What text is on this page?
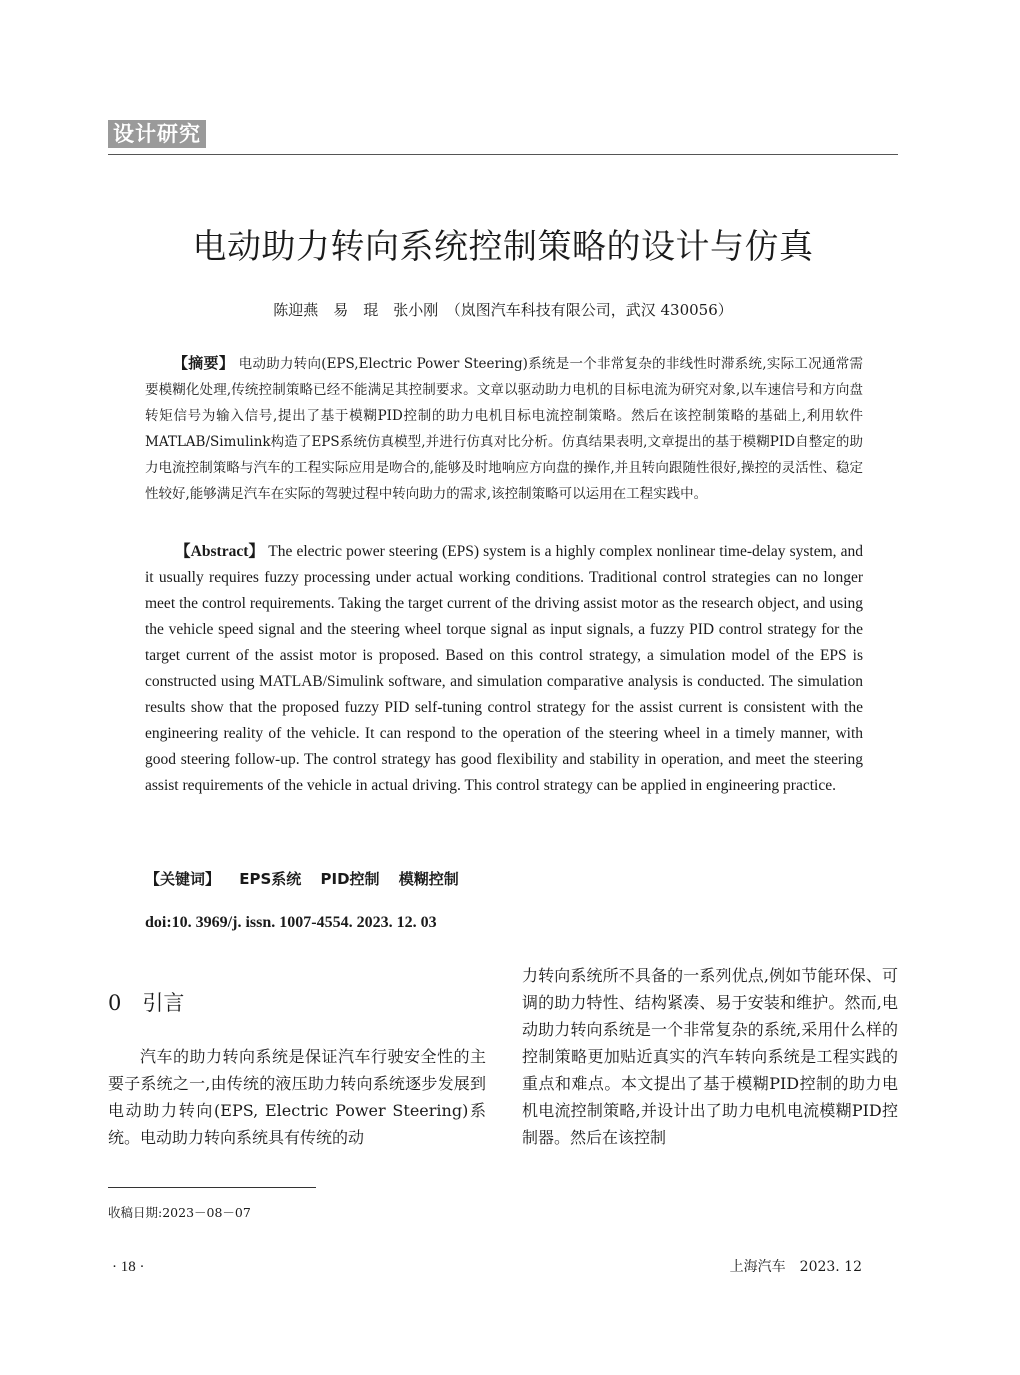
设计研究
电动助力转向系统控制策略的设计与仿真
陈迎燕　易　琨　张小刚　（岚图汽车科技有限公司，武汉 430056）
【摘要】 电动助力转向(EPS,Electric Power Steering)系统是一个非常复杂的非线性时滞系统,实际工况通常需要模糊化处理,传统控制策略已经不能满足其控制要求。文章以驱动助力电机的目标电流为研究对象,以车速信号和方向盘转矩信号为输入信号,提出了基于模糊PID控制的助力电机目标电流控制策略。然后在该控制策略的基础上,利用软件MATLAB/Simulink构造了EPS系统仿真模型,并进行仿真对比分析。仿真结果表明,文章提出的基于模糊PID自整定的助力电流控制策略与汽车的工程实际应用是吻合的,能够及时地响应方向盘的操作,并且转向跟随性很好,操控的灵活性、稳定性较好,能够满足汽车在实际的驾驶过程中转向助力的需求,该控制策略可以运用在工程实践中。
【Abstract】 The electric power steering (EPS) system is a highly complex nonlinear time-delay system, and it usually requires fuzzy processing under actual working conditions. Traditional control strategies can no longer meet the control requirements. Taking the target current of the driving assist motor as the research object, and using the vehicle speed signal and the steering wheel torque signal as input signals, a fuzzy PID control strategy for the target current of the assist motor is proposed. Based on this control strategy, a simulation model of the EPS is constructed using MATLAB/Simulink software, and simulation comparative analysis is conducted. The simulation results show that the proposed fuzzy PID self-tuning control strategy for the assist current is consistent with the engineering reality of the vehicle. It can respond to the operation of the steering wheel in a timely manner, with good steering follow-up. The control strategy has good flexibility and stability in operation, and meet the steering assist requirements of the vehicle in actual driving. This control strategy can be applied in engineering practice.
【关键词】 EPS系统 PID控制 模糊控制
doi:10. 3969/j. issn. 1007-4554. 2023. 12. 03
0　引言
汽车的助力转向系统是保证汽车行驶安全性的主要子系统之一,由传统的液压助力转向系统逐步发展到电动助力转向(EPS, Electric Power Steering)系统。电动助力转向系统具有传统的动
力转向系统所不具备的一系列优点,例如节能环保、可调的助力特性、结构紧凑、易于安装和维护。然而,电动助力转向系统是一个非常复杂的系统,采用什么样的控制策略更加贴近真实的汽车转向系统是工程实践的重点和难点。本文提出了基于模糊PID控制的助力电机电流控制策略,并设计出了助力电机电流模糊PID控制器。然后在该控制
收稿日期:2023－08－07
· 18 ·	上海汽车　2023. 12
